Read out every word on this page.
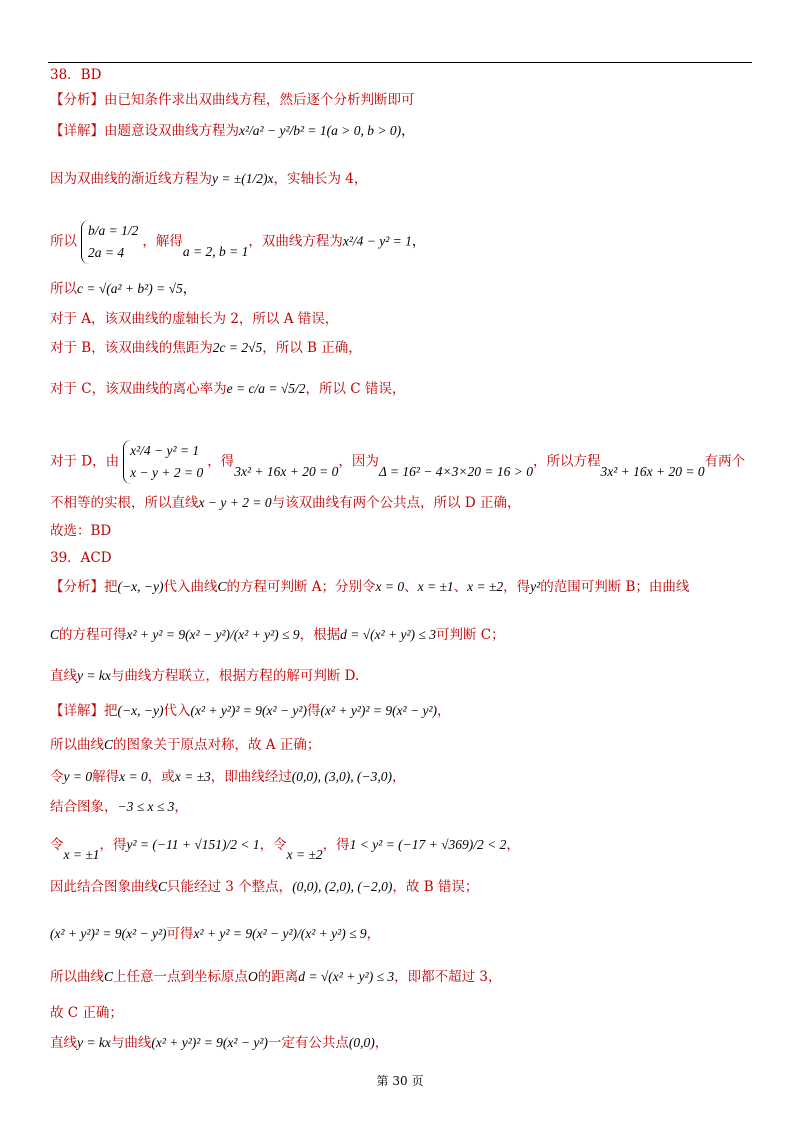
38．BD
【分析】由已知条件求出双曲线方程，然后逐个分析判断即可
【详解】由题意设双曲线方程为x²/a² − y²/b² = 1(a > 0, b > 0)，
因为双曲线的渐近线方程为y = ±(1/2)x，实轴长为 4，
所以
b/a = 1/2
2a = 4
，解得a = 2, b = 1，双曲线方程为x²/4 − y² = 1，
所以c = √(a² + b²) = √5，
对于 A，该双曲线的虚轴长为 2，所以 A 错误，
对于 B，该双曲线的焦距为2c = 2√5，所以 B 正确，
对于 C，该双曲线的离心率为e = c/a = √5/2，所以 C 错误，
对于 D，由
x²/4 − y² = 1
x − y + 2 = 0
，得3x² + 16x + 20 = 0，因为Δ = 16² − 4×3×20 = 16 > 0，所以方程3x² + 16x + 20 = 0有两个
不相等的实根，所以直线x − y + 2 = 0与该双曲线有两个公共点，所以 D 正确，
故选：BD
39．ACD
【分析】把(−x, −y)代入曲线C的方程可判断 A；分别令x = 0、x = ±1、x = ±2，得y²的范围可判断 B；由曲线
C的方程可得x² + y² = 9(x² − y²)/(x² + y²) ≤ 9，根据d = √(x² + y²) ≤ 3可判断 C；
直线y = kx与曲线方程联立，根据方程的解可判断 D.
【详解】把(−x, −y)代入(x² + y²)² = 9(x² − y²)得(x² + y²)² = 9(x² − y²)，
所以曲线C的图象关于原点对称，故 A 正确；
令y = 0解得x = 0，或x = ±3，即曲线经过(0,0), (3,0), (−3,0)，
结合图象，−3 ≤ x ≤ 3，
令x = ±1，得y² = (−11 + √151)/2 < 1，令x = ±2，得1 < y² = (−17 + √369)/2 < 2，
因此结合图象曲线C只能经过 3 个整点，(0,0), (2,0), (−2,0)，故 B 错误；
(x² + y²)² = 9(x² − y²)可得x² + y² = 9(x² − y²)/(x² + y²) ≤ 9，
所以曲线C上任意一点到坐标原点O的距离d = √(x² + y²) ≤ 3，即都不超过 3，
故 C 正确；
直线y = kx与曲线(x² + y²)² = 9(x² − y²)一定有公共点(0,0)，
第 30 页
